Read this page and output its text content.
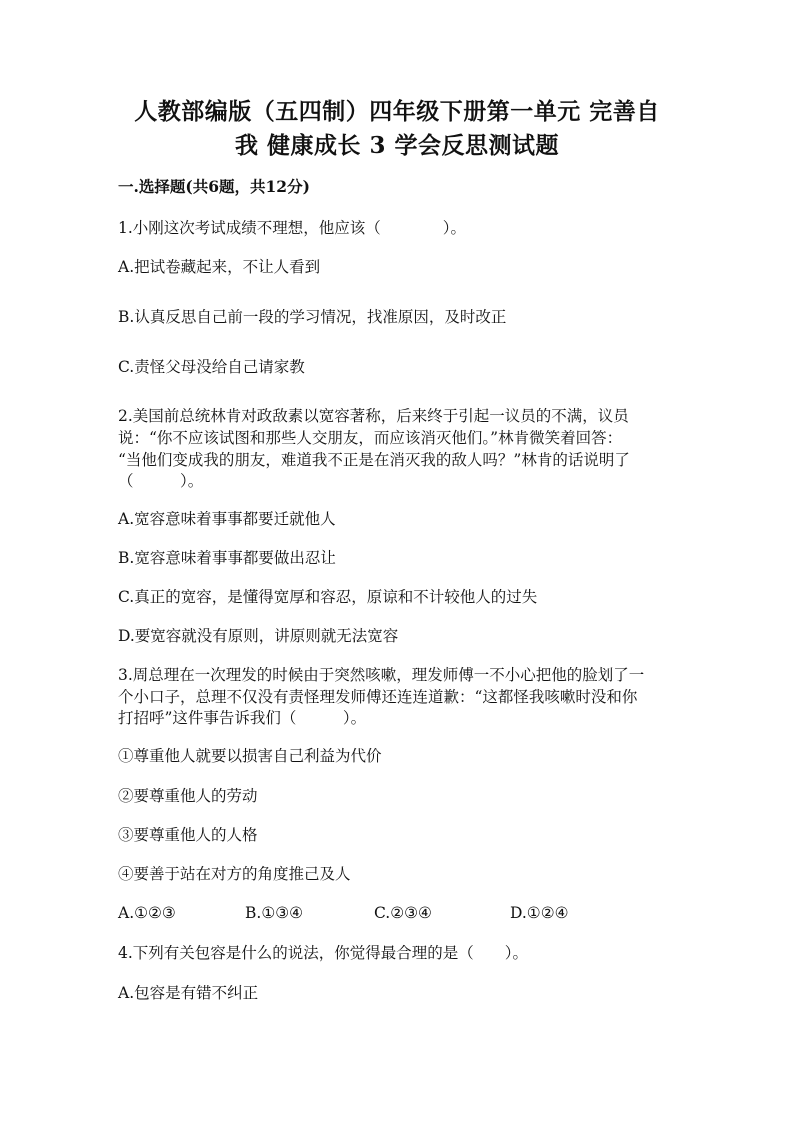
人教部编版（五四制）四年级下册第一单元 完善自
我 健康成长 3 学会反思测试题
一.选择题(共6题，共12分)
1.小刚这次考试成绩不理想，他应该（　　　　）。
A.把试卷藏起来，不让人看到
B.认真反思自己前一段的学习情况，找准原因，及时改正
C.责怪父母没给自己请家教
2.美国前总统林肯对政敌素以宽容著称，后来终于引起一议员的不满，议员
说：“你不应该试图和那些人交朋友，而应该消灭他们。”林肯微笑着回答：
“当他们变成我的朋友，难道我不正是在消灭我的敌人吗？”林肯的话说明了
（　　　）。
A.宽容意味着事事都要迁就他人
B.宽容意味着事事都要做出忍让
C.真正的宽容，是懂得宽厚和容忍，原谅和不计较他人的过失
D.要宽容就没有原则，讲原则就无法宽容
3.周总理在一次理发的时候由于突然咳嗽，理发师傅一不小心把他的脸划了一
个小口子，总理不仅没有责怪理发师傅还连连道歉：“这都怪我咳嗽时没和你
打招呼”这件事告诉我们（　　　）。
①尊重他人就要以损害自己利益为代价
②要尊重他人的劳动
③要尊重他人的人格
④要善于站在对方的角度推己及人
A.①②③	B.①③④	C.②③④	D.①②④
4.下列有关包容是什么的说法，你觉得最合理的是（　　）。
A.包容是有错不纠正
